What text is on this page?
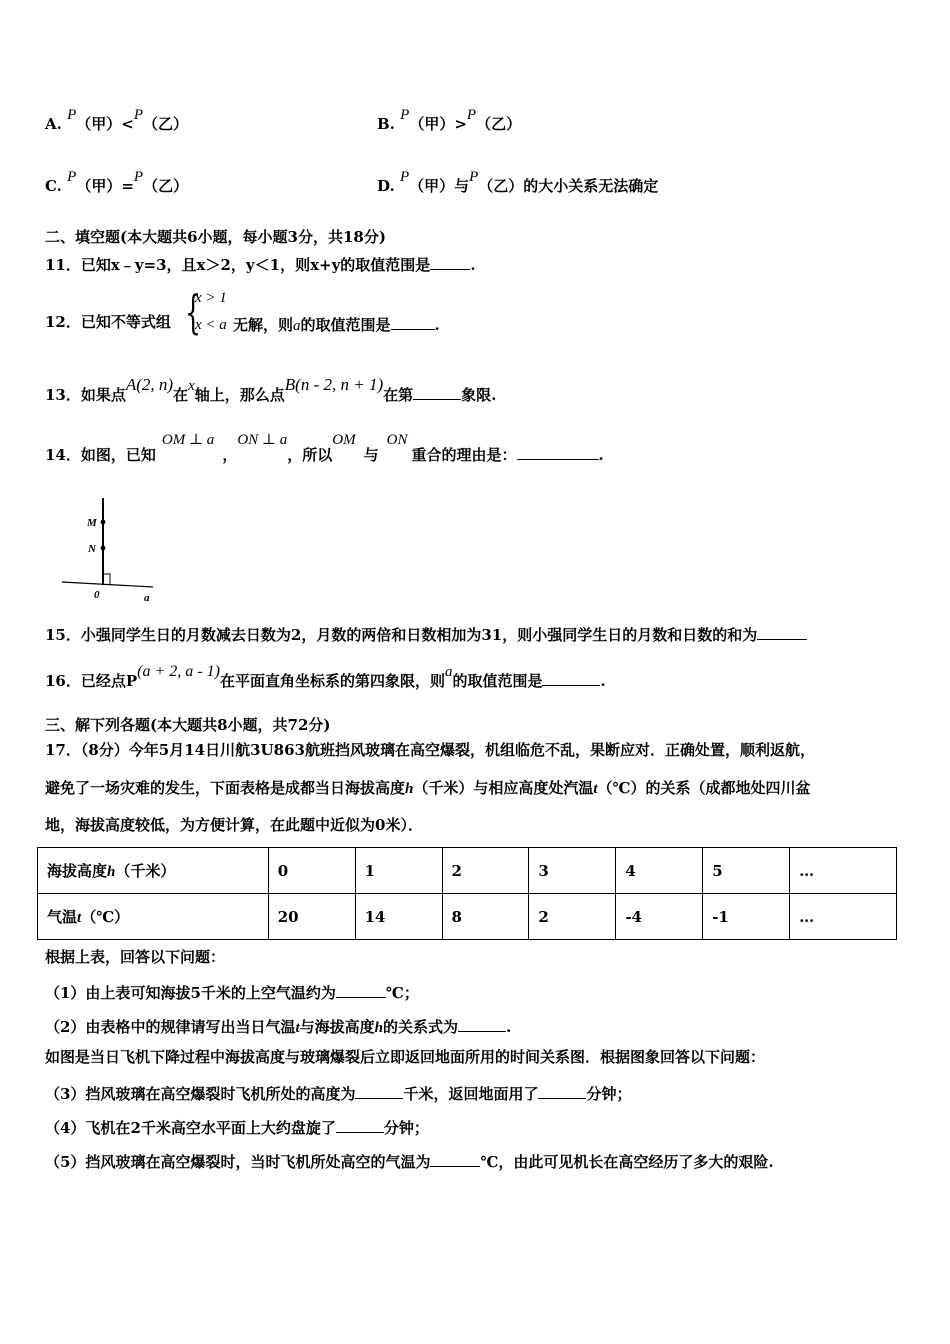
A. P（甲）<P（乙）	B. P（甲）>P（乙）
C. P（甲）=P（乙）	D. P（甲）与P（乙）的大小关系无法确定
二、填空题(本大题共6小题，每小题3分，共18分)
11．已知x﹣y=3，且x＞2，y＜1，则x+y的取值范围是	.
{
x > 1
x < a
12．已知不等式组	无解，则a的取值范围是	.
13．如果点A(2, n)在x轴上，那么点B(n - 2, n + 1)在第	象限.
14．如图，已知OM ⊥ a，ON ⊥ a，所以OM与ON重合的理由是：	.
M
N
0	a
15．小强同学生日的月数减去日数为2，月数的两倍和日数相加为31，则小强同学生日的月数和日数的和为
16．已经点P(a + 2, a - 1)在平面直角坐标系的第四象限，则a的取值范围是	.
三、解下列各题(本大题共8小题，共72分)
17．（8分）今年5月14日川航3U863航班挡风玻璃在高空爆裂，机组临危不乱，果断应对．正确处置，顺利返航，
避免了一场灾难的发生，下面表格是成都当日海拔高度h（千米）与相应高度处汽温t（℃）的关系（成都地处四川盆
地，海拔高度较低，为方便计算，在此题中近似为0米）．
海拔高度h（千米）	0	1	2	3	4	5	…
气温t（℃）	20	14	8	2	-4	-1	…
根据上表，回答以下问题：
（1）由上表可知海拔5千米的上空气温约为	℃；
（2）由表格中的规律请写出当日气温t与海拔高度h的关系式为	.
如图是当日飞机下降过程中海拔高度与玻璃爆裂后立即返回地面所用的时间关系图．根据图象回答以下问题：
（3）挡风玻璃在高空爆裂时飞机所处的高度为	千米，返回地面用了	分钟；
（4）飞机在2千米高空水平面上大约盘旋了	分钟；
（5）挡风玻璃在高空爆裂时，当时飞机所处高空的气温为	℃，由此可见机长在高空经历了多大的艰险.
